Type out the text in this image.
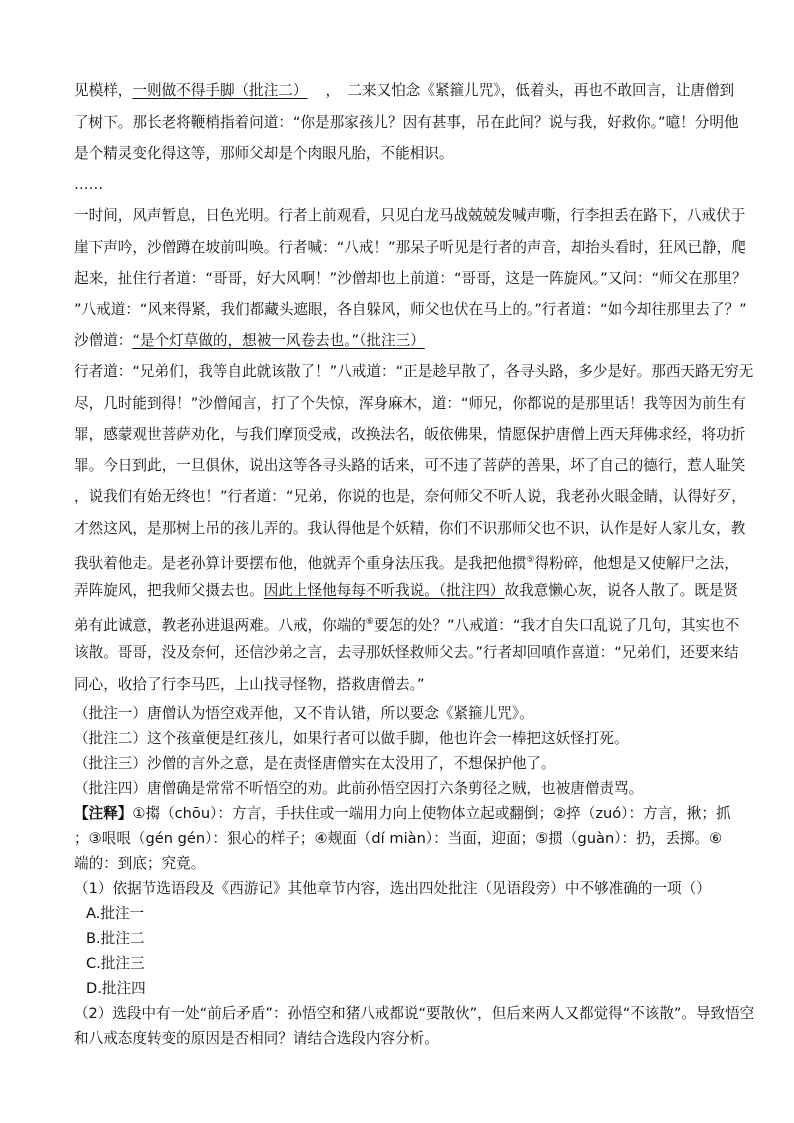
见模样，一则做不得手脚（批注二） ，　二来又怕念《紧箍儿咒》，低着头，再也不敢回言，让唐僧到
了树下。那长老将鞭梢指着问道：“你是那家孩儿？因有甚事，吊在此间？说与我，好救你。”噫！分明他
是个精灵变化得这等，那师父却是个肉眼凡胎，不能相识。
……
一时间，风声暂息，日色光明。行者上前观看，只见白龙马战兢兢发喊声嘶，行李担丢在路下，八戒伏于
崖下声吟，沙僧蹲在坡前叫唤。行者喊：“八戒！”那呆子听见是行者的声音，却抬头看时，狂风已静，爬
起来，扯住行者道：“哥哥，好大风啊！”沙僧却也上前道：“哥哥，这是一阵旋风。”又问：“师父在那里？
”八戒道：“风来得紧，我们都藏头遮眼，各自躲风，师父也伏在马上的。”行者道：“如今却往那里去了？”
沙僧道：“是个灯草做的，想被一风卷去也。”（批注三）
行者道：“兄弟们，我等自此就该散了！”八戒道：“正是趁早散了，各寻头路，多少是好。那西天路无穷无
尽，几时能到得！”沙僧闻言，打了个失惊，浑身麻木，道：“师兄，你都说的是那里话！我等因为前生有
罪，感蒙观世菩萨劝化，与我们摩顶受戒，改换法名，皈依佛果，情愿保护唐僧上西天拜佛求经，将功折
罪。今日到此，一旦俱休，说出这等各寻头路的话来，可不违了菩萨的善果，坏了自己的德行，惹人耻笑
，说我们有始无终也！”行者道：“兄弟，你说的也是，奈何师父不听人说，我老孙火眼金睛，认得好歹，
才然这风，是那树上吊的孩儿弄的。我认得他是个妖精，你们不识那师父也不识，认作是好人家儿女，教
我驮着他走。是老孙算计要摆布他，他就弄个重身法压我。是我把他掼⑤得粉碎，他想是又使解尸之法，
弄阵旋风，把我师父摄去也。因此上怪他每每不听我说。（批注四）故我意懒心灰，说各人散了。既是贤
弟有此诚意，教老孙进退两难。八戒，你端的⑥要怎的处？”八戒道：“我才自失口乱说了几句，其实也不
该散。哥哥，没及奈何，还信沙弟之言，去寻那妖怪救师父去。”行者却回嗔作喜道：“兄弟们，还要来结
同心，收拾了行李马匹，上山找寻怪物，搭救唐僧去。”
（批注一）唐僧认为悟空戏弄他，又不肯认错，所以要念《紧箍儿咒》。
（批注二）这个孩童便是红孩儿，如果行者可以做手脚，他也许会一棒把这妖怪打死。
（批注三）沙僧的言外之意，是在责怪唐僧实在太没用了，不想保护他了。
（批注四）唐僧确是常常不听悟空的劝。此前孙悟空因打六条剪径之贼，也被唐僧责骂。
【注释】①搊（chōu）：方言，手扶住或一端用力向上使物体立起或翻倒；②捽（zuó）：方言，揪；抓
；③哏哏（gén gén）：狠心的样子；④觌面（dí miàn）：当面，迎面；⑤掼（guàn）：扔，丢掷。⑥
端的：到底；究竟。
（1）依据节选语段及《西游记》其他章节内容，选出四处批注（见语段旁）中不够准确的一项（）
A.批注一
B.批注二
C.批注三
D.批注四
（2）选段中有一处“前后矛盾”：孙悟空和猪八戒都说“要散伙”，但后来两人又都觉得“不该散”。导致悟空
和八戒态度转变的原因是否相同？请结合选段内容分析。
